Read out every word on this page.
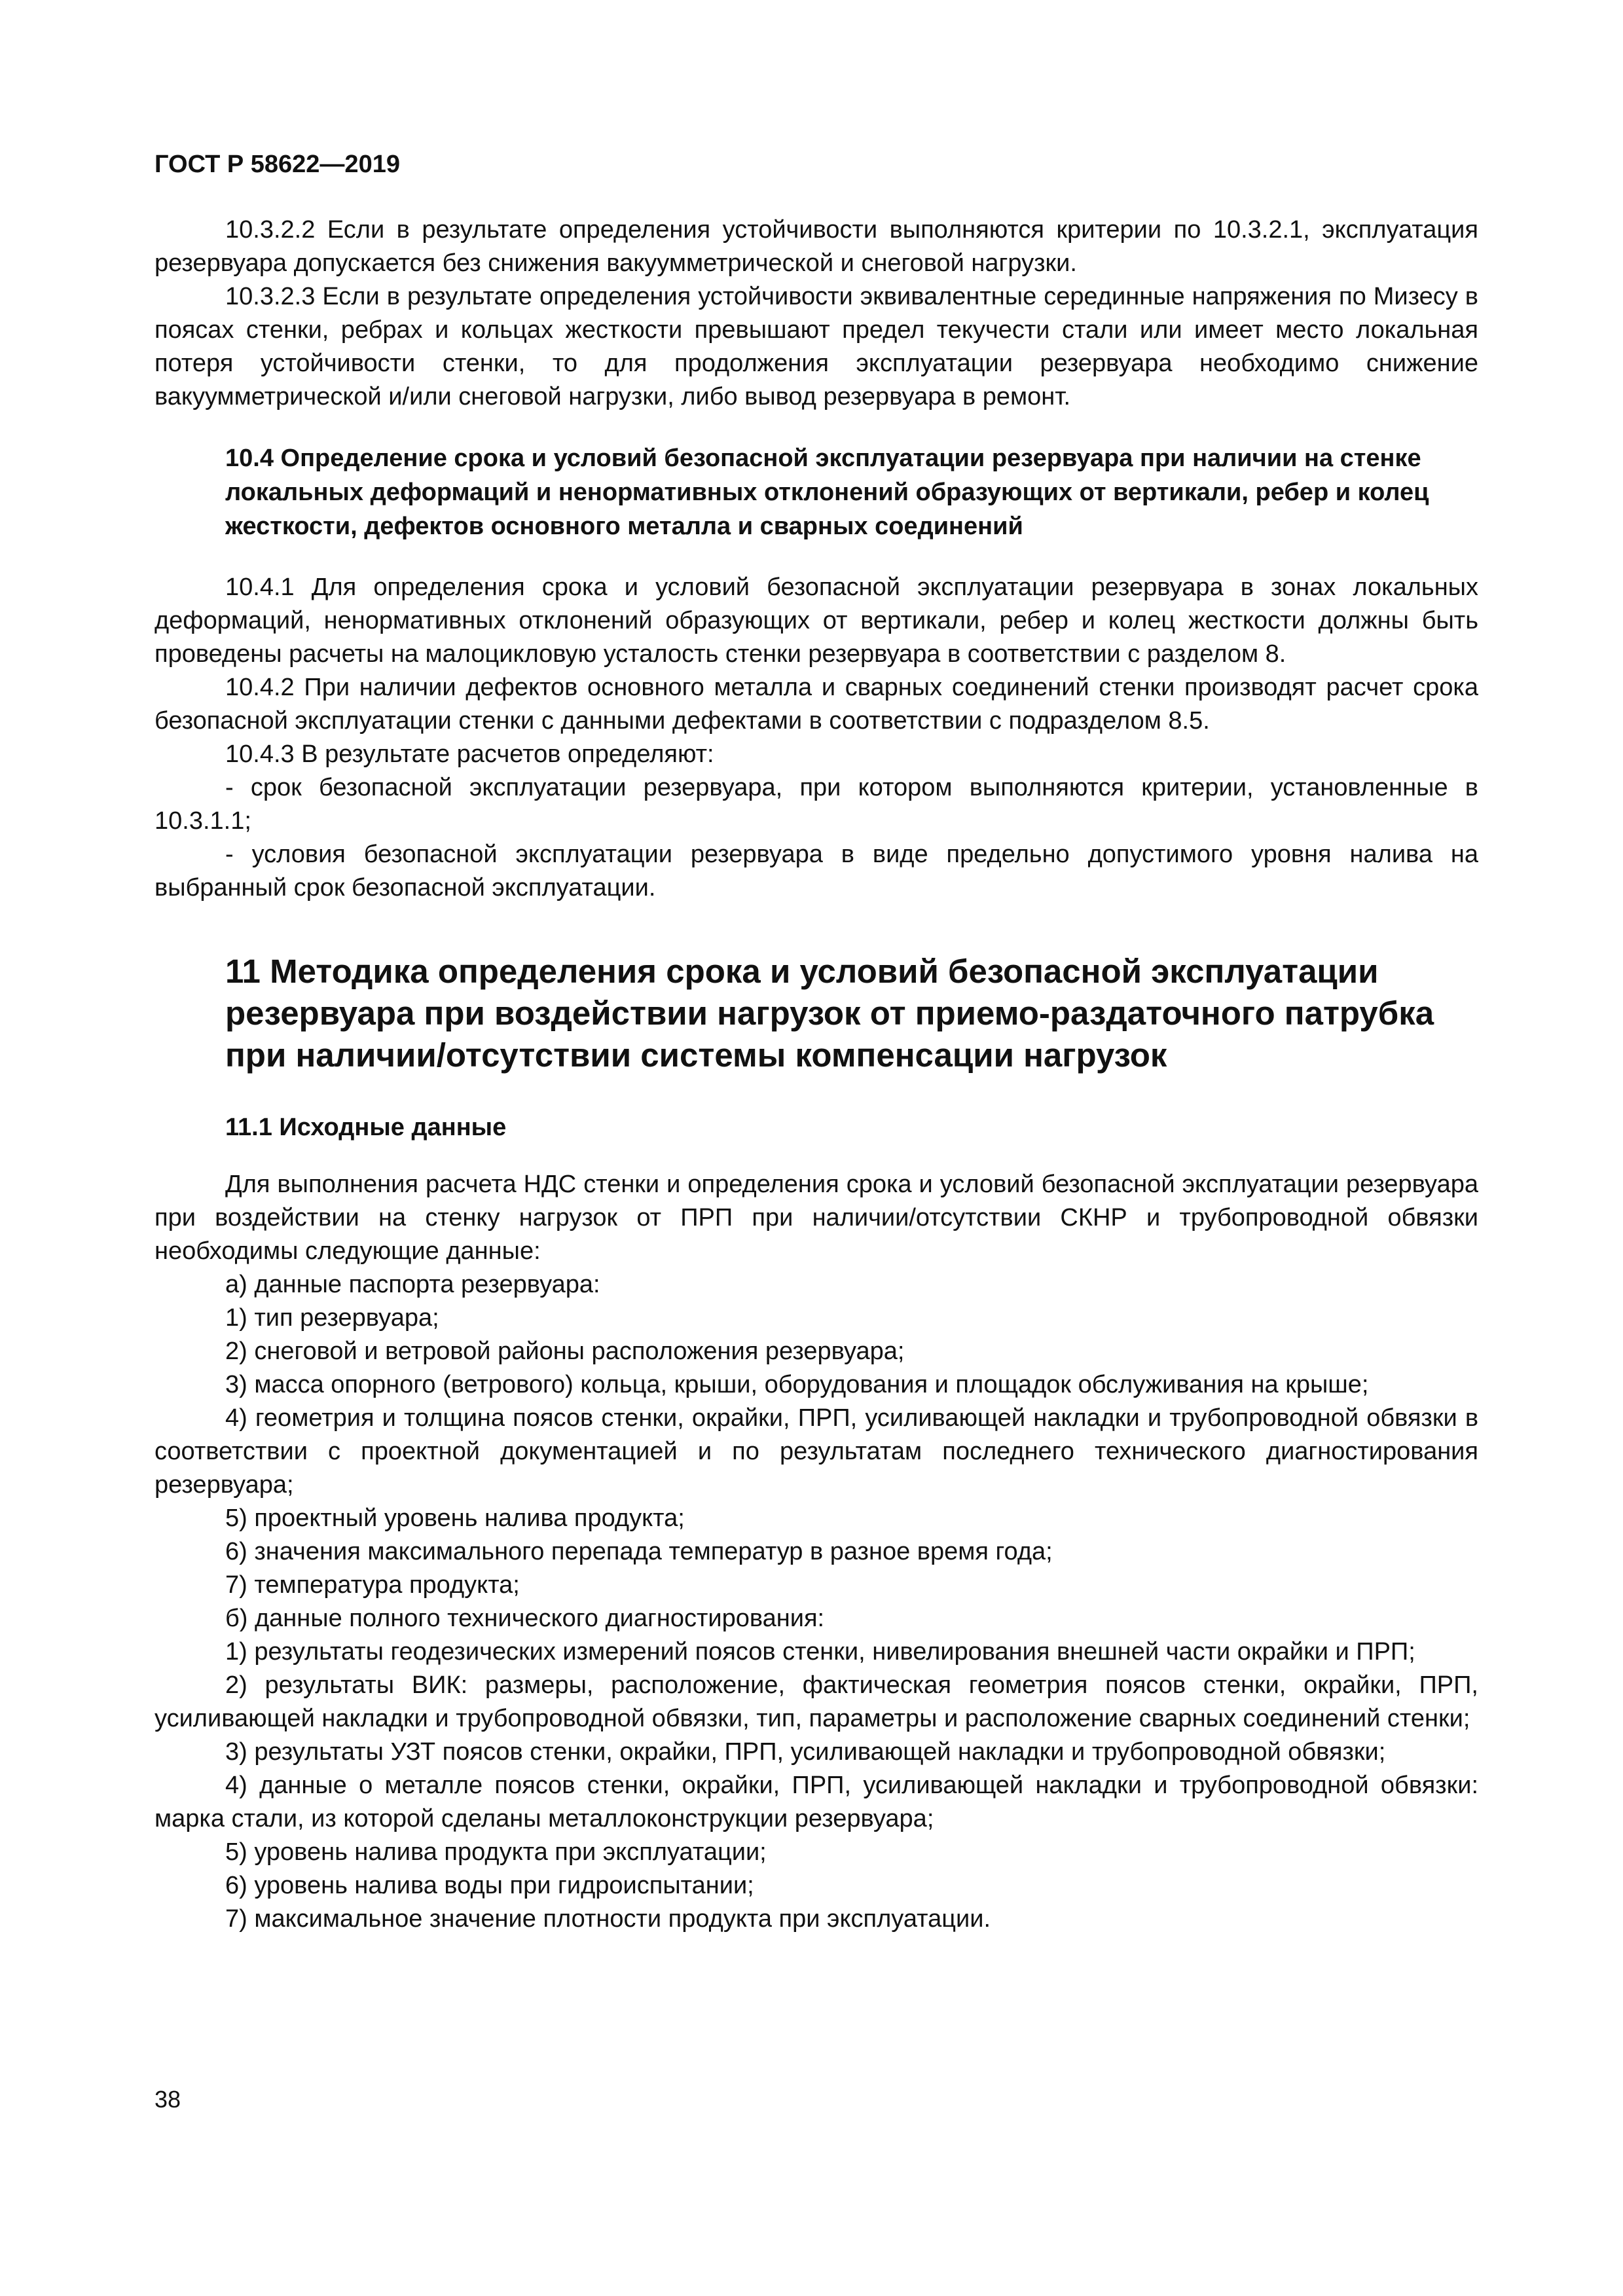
ГОСТ Р 58622—2019

10.3.2.2 Если в результате определения устойчивости выполняются критерии по 10.3.2.1, эксплуатация резервуара допускается без снижения вакуумметрической и снеговой нагрузки.

10.3.2.3 Если в результате определения устойчивости эквивалентные серединные напряжения по Мизесу в поясах стенки, ребрах и кольцах жесткости превышают предел текучести стали или имеет место локальная потеря устойчивости стенки, то для продолжения эксплуатации резервуара необходимо снижение вакуумметрической и/или снеговой нагрузки, либо вывод резервуара в ремонт.

10.4 Определение срока и условий безопасной эксплуатации резервуара при наличии на стенке локальных деформаций и ненормативных отклонений образующих от вертикали, ребер и колец жесткости, дефектов основного металла и сварных соединений

10.4.1 Для определения срока и условий безопасной эксплуатации резервуара в зонах локальных деформаций, ненормативных отклонений образующих от вертикали, ребер и колец жесткости должны быть проведены расчеты на малоцикловую усталость стенки резервуара в соответствии с разделом 8.

10.4.2 При наличии дефектов основного металла и сварных соединений стенки производят расчет срока безопасной эксплуатации стенки с данными дефектами в соответствии с подразделом 8.5.

10.4.3 В результате расчетов определяют:

- срок безопасной эксплуатации резервуара, при котором выполняются критерии, установленные в 10.3.1.1;

- условия безопасной эксплуатации резервуара в виде предельно допустимого уровня налива на выбранный срок безопасной эксплуатации.

11 Методика определения срока и условий безопасной эксплуатации резервуара при воздействии нагрузок от приемо-раздаточного патрубка при наличии/отсутствии системы компенсации нагрузок
11.1 Исходные данные

Для выполнения расчета НДС стенки и определения срока и условий безопасной эксплуатации резервуара при воздействии на стенку нагрузок от ПРП при наличии/отсутствии СКНР и трубопроводной обвязки необходимы следующие данные:

а) данные паспорта резервуара:

1) тип резервуара;

2) снеговой и ветровой районы расположения резервуара;

3) масса опорного (ветрового) кольца, крыши, оборудования и площадок обслуживания на крыше;

4) геометрия и толщина поясов стенки, окрайки, ПРП, усиливающей накладки и трубопроводной обвязки в соответствии с проектной документацией и по результатам последнего технического диагностирования резервуара;

5) проектный уровень налива продукта;

6) значения максимального перепада температур в разное время года;

7) температура продукта;

б) данные полного технического диагностирования:

1) результаты геодезических измерений поясов стенки, нивелирования внешней части окрайки и ПРП;

2) результаты ВИК: размеры, расположение, фактическая геометрия поясов стенки, окрайки, ПРП, усиливающей накладки и трубопроводной обвязки, тип, параметры и расположение сварных соединений стенки;

3) результаты УЗТ поясов стенки, окрайки, ПРП, усиливающей накладки и трубопроводной обвязки;

4) данные о металле поясов стенки, окрайки, ПРП, усиливающей накладки и трубопроводной обвязки: марка стали, из которой сделаны металлоконструкции резервуара;

5) уровень налива продукта при эксплуатации;

6) уровень налива воды при гидроиспытании;

7) максимальное значение плотности продукта при эксплуатации.

38
